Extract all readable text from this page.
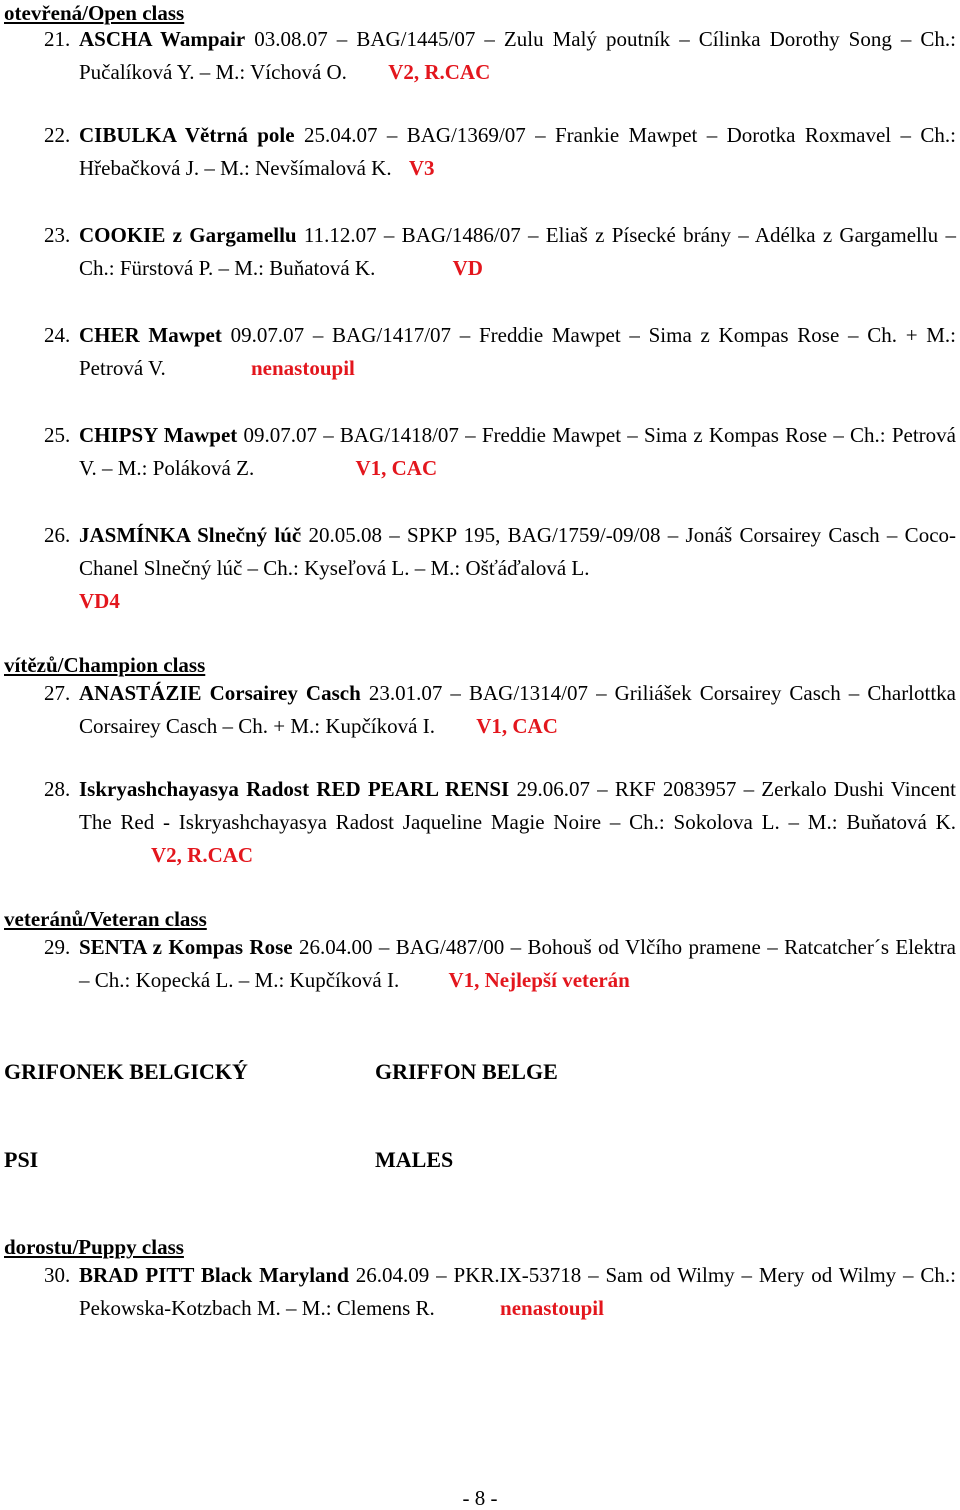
otevřená/Open class
21. ASCHA Wampair 03.08.07 – BAG/1445/07 – Zulu Malý poutník – Cílinka Dorothy Song – Ch.: Pučalíková Y. – M.: Víchová O. V2, R.CAC
22. CIBULKA Větrná pole 25.04.07 – BAG/1369/07 – Frankie Mawpet – Dorotka Roxmavel – Ch.: Hřebačková J. – M.: Nevšímalová K. V3
23. COOKIE z Gargamellu 11.12.07 – BAG/1486/07 – Eliaš z Písecké brány – Adélka z Gargamellu – Ch.: Fürstová P. – M.: Buňatová K.	VD
24. CHER Mawpet 09.07.07 – BAG/1417/07 – Freddie Mawpet – Sima z Kompas Rose – Ch. + M.: Petrová V.	nenastoupil
25. CHIPSY Mawpet 09.07.07 – BAG/1418/07 – Freddie Mawpet – Sima z Kompas Rose – Ch.: Petrová V. – M.: Poláková Z.	V1, CAC
26. JASMÍNKA Slnečný lúč 20.05.08 – SPKP 195, BAG/1759/-09/08 – Jonáš Corsairey Casch – Coco-Chanel Slnečný lúč – Ch.: Kyseľová L. – M.: Ošťáďalová L.
VD4
vítězů/Champion class
27. ANASTÁZIE Corsairey Casch 23.01.07 – BAG/1314/07 – Griliášek Corsairey Casch – Charlottka Corsairey Casch – Ch. + M.: Kupčíková I. V1, CAC
28. Iskryashchayasya Radost RED PEARL RENSI 29.06.07 – RKF 2083957 – Zerkalo Dushi Vincent The Red - Iskryashchayasya Radost Jaqueline Magie Noire – Ch.: Sokolova L. – M.: Buňatová K. V2, R.CAC
veteránů/Veteran class
29. SENTA z Kompas Rose 26.04.00 – BAG/487/00 – Bohouš od Vlčího pramene – Ratcatcher´s Elektra – Ch.: Kopecká L. – M.: Kupčíková I. V1, Nejlepší veterán
GRIFONEK BELGICKÝ	GRIFFON BELGE
PSI	MALES
dorostu/Puppy class
30. BRAD PITT Black Maryland 26.04.09 – PKR.IX-53718 – Sam od Wilmy – Mery od Wilmy – Ch.: Pekowska-Kotzbach M. – M.: Clemens R.	nenastoupil
- 8 -
